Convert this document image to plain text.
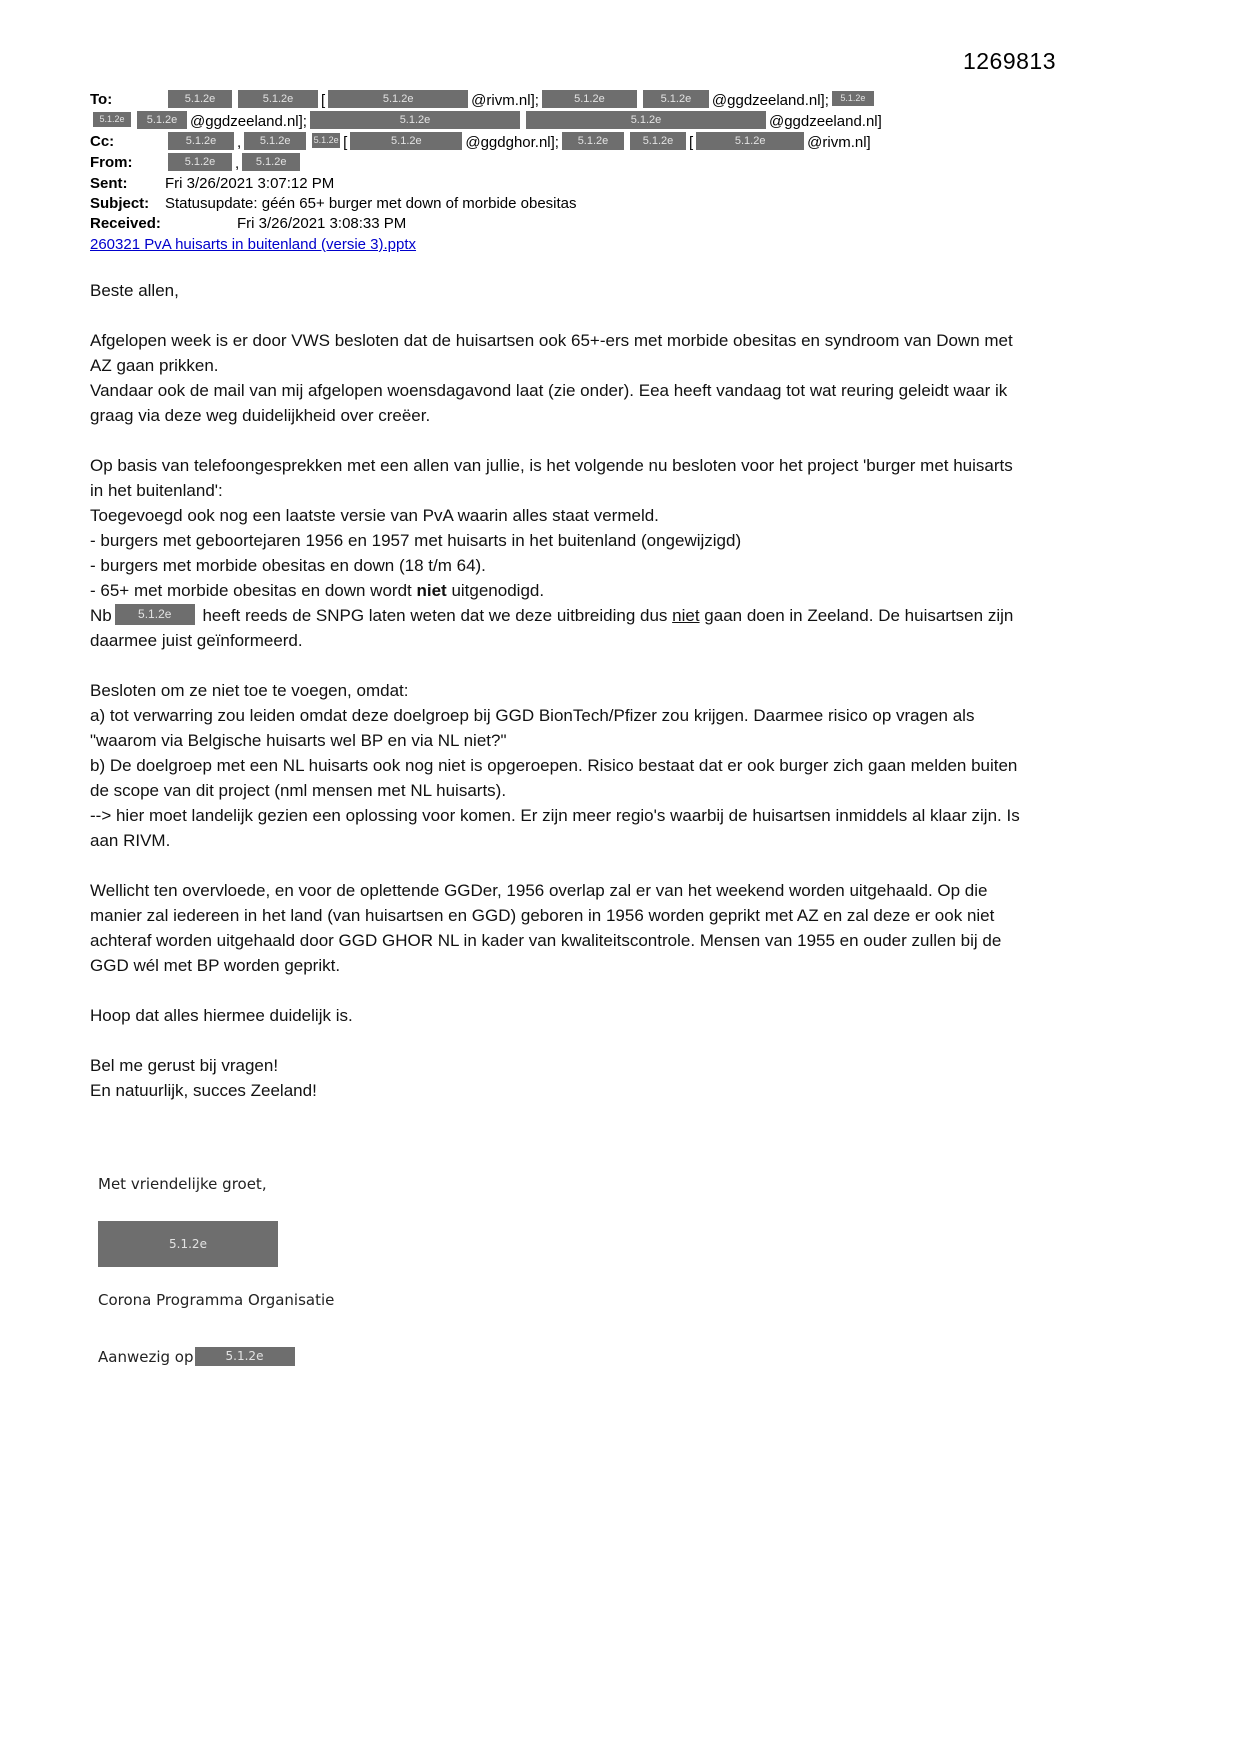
1269813
To:	5.1.2e	5.1.2e [	5.1.2e	@rivm.nl];	5.1.2e	5.1.2e @ggdzeeland.nl]; 5.1.2e
5.1.2e 5.1.2e @ggdzeeland.nl];	5.1.2e	5.1.2e	@ggdzeeland.nl]
Cc:	5.1.2e , 5.1.2e	5.1.2e [	5.1.2e	@ggdghor.nl]; 5.1.2e	5.1.2e [	5.1.2e	@rivm.nl]
From:	5.1.2e , 5.1.2e
Sent:	Fri 3/26/2021 3:07:12 PM
Subject:	Statusupdate: géén 65+ burger met down of morbide obesitas
Received:	Fri 3/26/2021 3:08:33 PM
260321 PvA huisarts in buitenland (versie 3).pptx

Beste allen,

Afgelopen week is er door VWS besloten dat de huisartsen ook 65+-ers met morbide obesitas en syndroom van Down met AZ gaan prikken.

Vandaar ook de mail van mij afgelopen woensdagavond laat (zie onder). Eea heeft vandaag tot wat reuring geleidt waar ik graag via deze weg duidelijkheid over creëer.

Op basis van telefoongesprekken met een allen van jullie, is het volgende nu besloten voor het project 'burger met huisarts in het buitenland':

Toegevoegd ook nog een laatste versie van PvA waarin alles staat vermeld.

- burgers met geboortejaren 1956 en 1957 met huisarts in het buitenland (ongewijzigd)

- burgers met morbide obesitas en down (18 t/m 64).

- 65+ met morbide obesitas en down wordt niet uitgenodigd.

Nb 5.1.2e heeft reeds de SNPG laten weten dat we deze uitbreiding dus niet gaan doen in Zeeland. De huisartsen zijn daarmee juist geïnformeerd.

Besloten om ze niet toe te voegen, omdat:

a) tot verwarring zou leiden omdat deze doelgroep bij GGD BionTech/Pfizer zou krijgen. Daarmee risico op vragen als "waarom via Belgische huisarts wel BP en via NL niet?"

b) De doelgroep met een NL huisarts ook nog niet is opgeroepen. Risico bestaat dat er ook burger zich gaan melden buiten de scope van dit project (nml mensen met NL huisarts).

--> hier moet landelijk gezien een oplossing voor komen. Er zijn meer regio's waarbij de huisartsen inmiddels al klaar zijn. Is aan RIVM.

Wellicht ten overvloede, en voor de oplettende GGDer, 1956 overlap zal er van het weekend worden uitgehaald. Op die manier zal iedereen in het land (van huisartsen en GGD) geboren in 1956 worden geprikt met AZ en zal deze er ook niet achteraf worden uitgehaald door GGD GHOR NL in kader van kwaliteitscontrole. Mensen van 1955 en ouder zullen bij de GGD wél met BP worden geprikt.

Hoop dat alles hiermee duidelijk is.

Bel me gerust bij vragen!

En natuurlijk, succes Zeeland!

Met vriendelijke groet,
5.1.2e
Corona Programma Organisatie
Aanwezig op	5.1.2e
